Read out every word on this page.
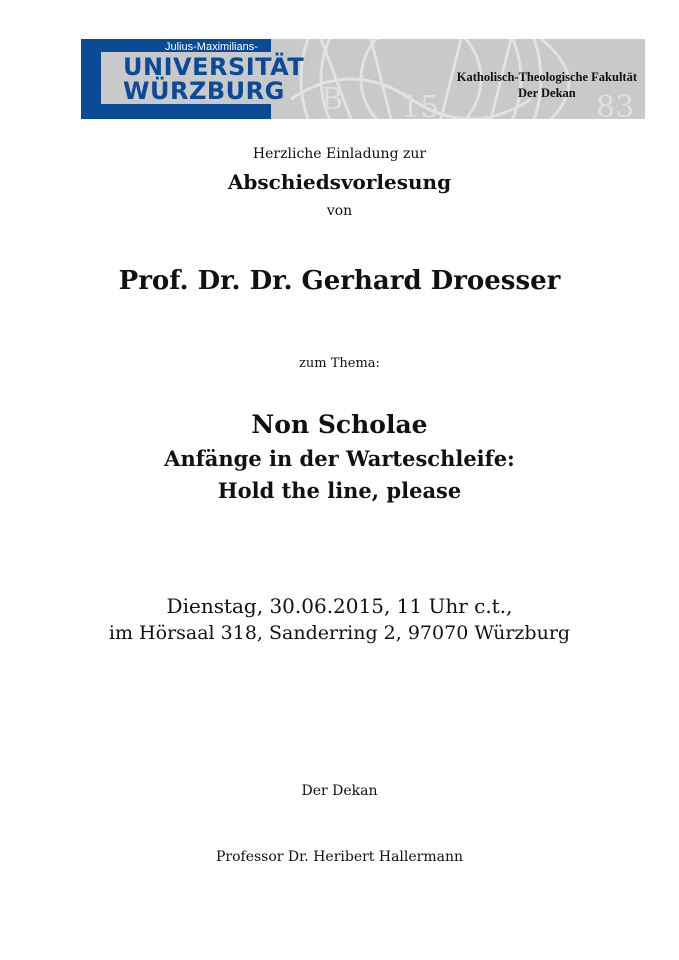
15	83
B
Julius-Maximilians-
UNIVERSITÄT
WÜRZBURG	Katholisch-Theologische Fakultät
Der Dekan
Herzliche Einladung zur
Abschiedsvorlesung
von
Prof. Dr. Dr. Gerhard Droesser
zum Thema:
Non Scholae
Anfänge in der Warteschleife:
Hold the line, please
Dienstag, 30.06.2015, 11 Uhr c.t.,
im Hörsaal 318, Sanderring 2, 97070 Würzburg
Der Dekan
Professor Dr. Heribert Hallermann
